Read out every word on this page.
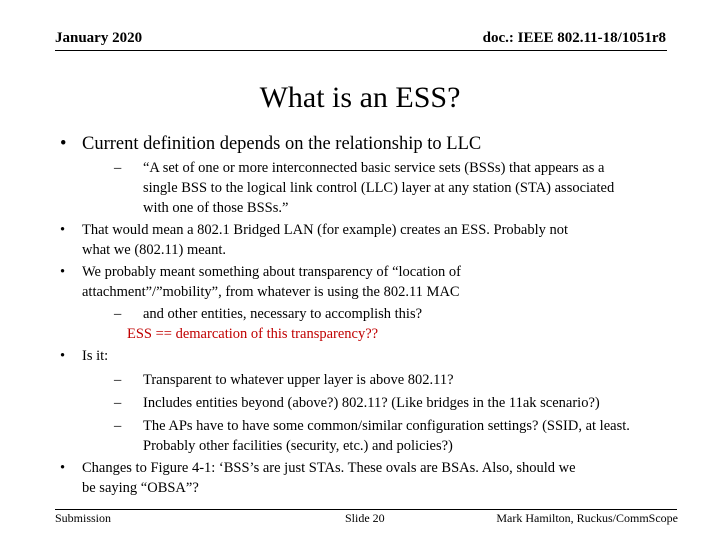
January 2020	doc.: IEEE 802.11-18/1051r8
What is an ESS?
• Current definition depends on the relationship to LLC
– “A set of one or more interconnected basic service sets (BSSs) that appears as a
single BSS to the logical link control (LLC) layer at any station (STA) associated
with one of those BSSs.”
• That would mean a 802.1 Bridged LAN (for example) creates an ESS. Probably not
what we (802.11) meant.
• We probably meant something about transparency of “location of
attachment”/”mobility”, from whatever is using the 802.11 MAC
– and other entities, necessary to accomplish this?
ESS == demarcation of this transparency??
• Is it:
– Transparent to whatever upper layer is above 802.11?
– Includes entities beyond (above?) 802.11? (Like bridges in the 11ak scenario?)
– The APs have to have some common/similar configuration settings? (SSID, at least.
Probably other facilities (security, etc.) and policies?)
• Changes to Figure 4-1: ‘BSS’s are just STAs. These ovals are BSAs. Also, should we
be saying “OBSA”?
Submission	Slide 20	Mark Hamilton, Ruckus/CommScope
